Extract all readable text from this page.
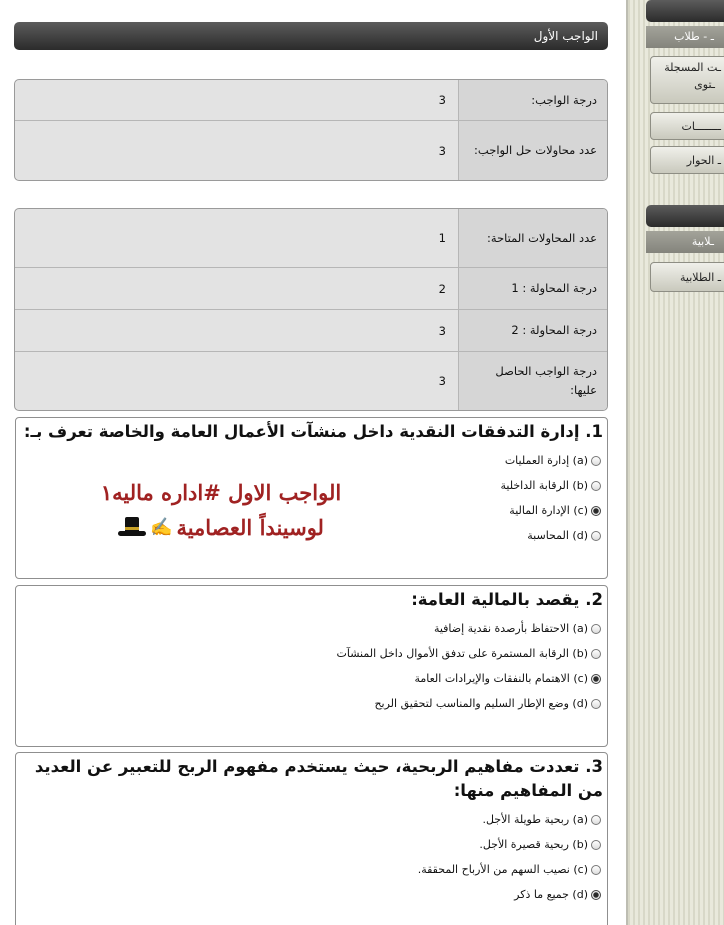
الواجب الأول
درجة الواجب:	3
عدد محاولات حل الواجب:	3
عدد المحاولات المتاحة:	1
درجة المحاولة : 1	2
درجة المحاولة : 2	3
درجة الواجب الحاصل عليها:	3
1. إدارة التدفقات النقدية داخل منشآت الأعمال العامة والخاصة تعرف بـ:
(a) إدارة العمليات
(b) الرقابة الداخلية
(c) الإدارة المالية
(d) المحاسبة
الواجب الاول #اداره ماليه١
لوسينداً العصامية
✍
2. يقصد بالمالية العامة:
(a) الاحتفاظ بأرصدة نقدية إضافية
(b) الرقابة المستمرة على تدفق الأموال داخل المنشآت
(c) الاهتمام بالنفقات والإيرادات العامة
(d) وضع الإطار السليم والمناسب لتحقيق الربح
3. تعددت مفاهيم الربحية، حيث يستخدم مفهوم الربح للتعبير عن العديد من المفاهيم منها:
(a) ربحية طويلة الأجل.
(b) ربحية قصيرة الأجل.
(c) نصيب السهم من الأرباح المحققة.
(d) جميع ما ذكر
ـ - طلاب
ـت المسجلة
ـتوى
ــــــــات
ـ الحوار
ـلابية
ـ الطلابية
